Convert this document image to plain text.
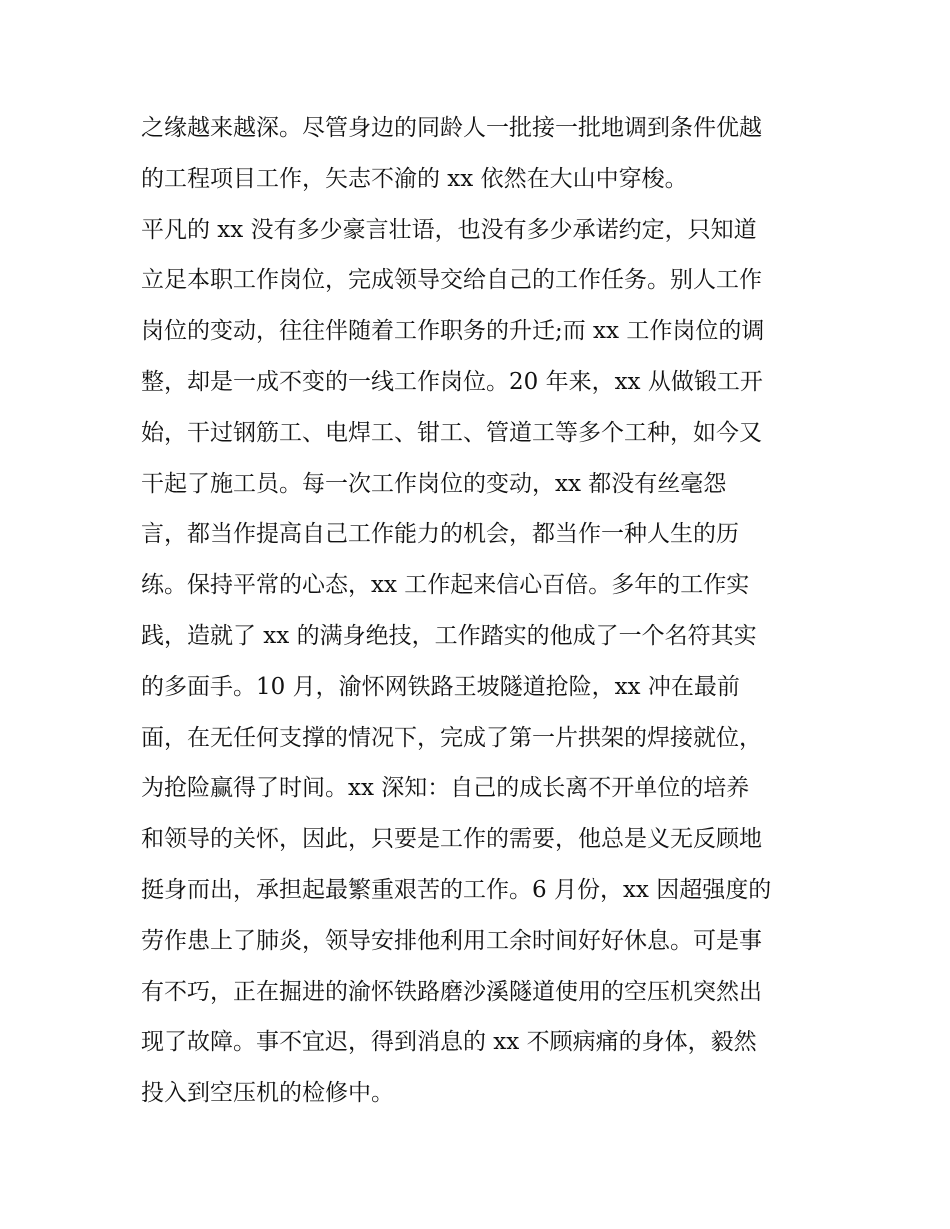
之缘越来越深。尽管身边的同龄人一批接一批地调到条件优越
的工程项目工作，矢志不渝的 xx 依然在大山中穿梭。
平凡的 xx 没有多少豪言壮语，也没有多少承诺约定，只知道
立足本职工作岗位，完成领导交给自己的工作任务。别人工作
岗位的变动，往往伴随着工作职务的升迁;而 xx 工作岗位的调
整，却是一成不变的一线工作岗位。20 年来，xx 从做锻工开
始，干过钢筋工、电焊工、钳工、管道工等多个工种，如今又
干起了施工员。每一次工作岗位的变动，xx 都没有丝毫怨
言，都当作提高自己工作能力的机会，都当作一种人生的历
练。保持平常的心态，xx 工作起来信心百倍。多年的工作实
践，造就了 xx 的满身绝技，工作踏实的他成了一个名符其实
的多面手。10 月，渝怀网铁路王坡隧道抢险，xx 冲在最前
面，在无任何支撑的情况下，完成了第一片拱架的焊接就位，
为抢险赢得了时间。xx 深知：自己的成长离不开单位的培养
和领导的关怀，因此，只要是工作的需要，他总是义无反顾地
挺身而出，承担起最繁重艰苦的工作。6 月份，xx 因超强度的
劳作患上了肺炎，领导安排他利用工余时间好好休息。可是事
有不巧，正在掘进的渝怀铁路磨沙溪隧道使用的空压机突然出
现了故障。事不宜迟，得到消息的 xx 不顾病痛的身体，毅然
投入到空压机的检修中。
